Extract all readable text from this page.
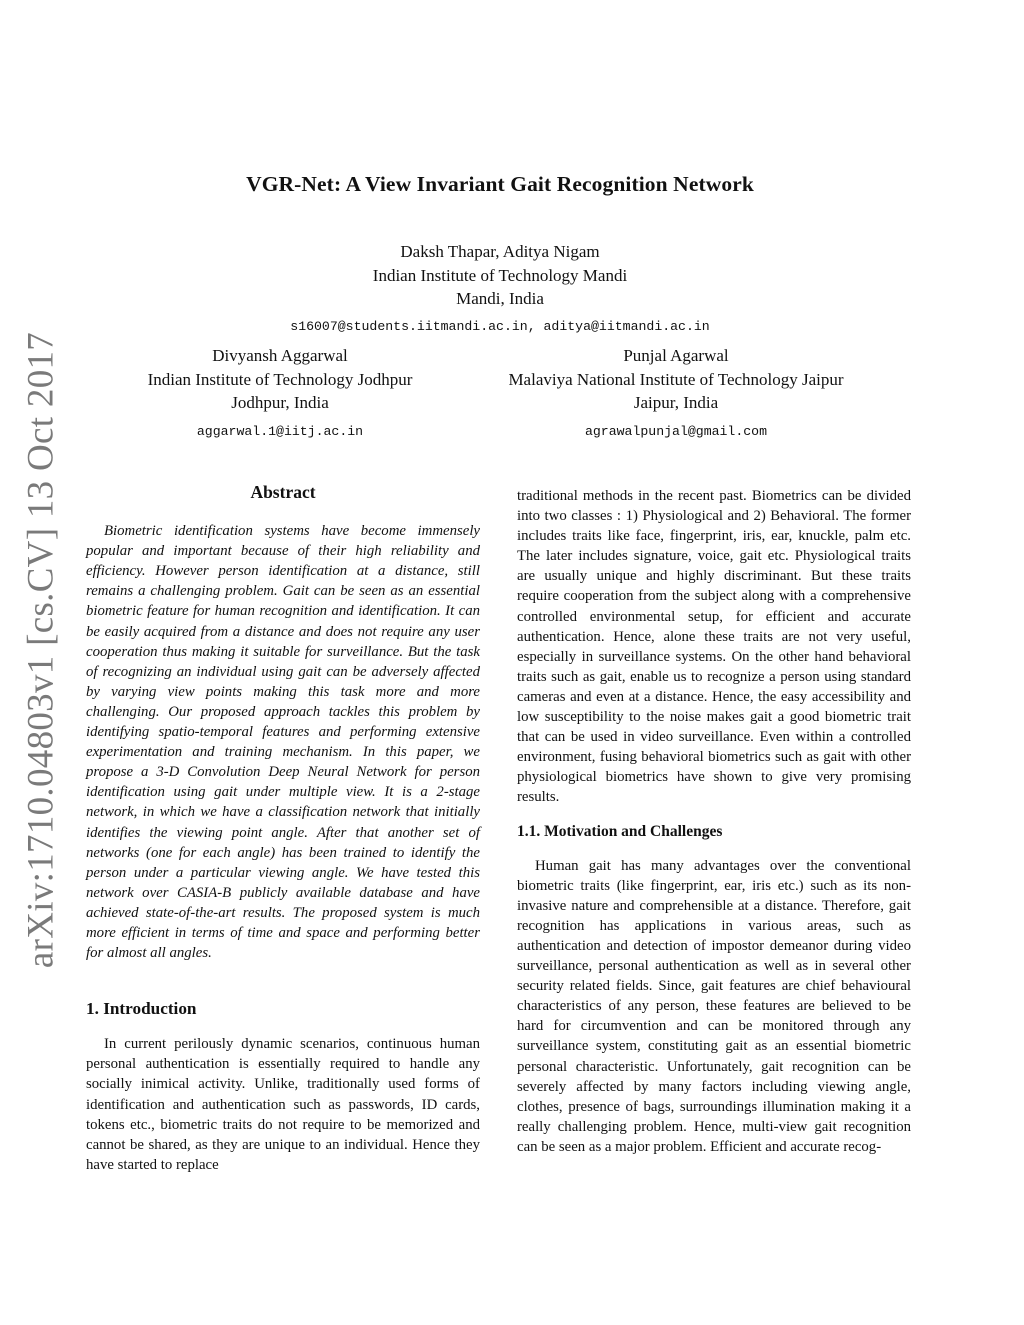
VGR-Net: A View Invariant Gait Recognition Network
Daksh Thapar, Aditya Nigam
Indian Institute of Technology Mandi
Mandi, India
s16007@students.iitmandi.ac.in, aditya@iitmandi.ac.in
Divyansh Aggarwal
Indian Institute of Technology Jodhpur
Jodhpur, India
aggarwal.1@iitj.ac.in
Punjal Agarwal
Malaviya National Institute of Technology Jaipur
Jaipur, India
agrawalpunjal@gmail.com
arXiv:1710.04803v1 [cs.CV] 13 Oct 2017	Abstract

Biometric identification systems have become immensely popular and important because of their high reliability and efficiency. However person identification at a distance, still remains a challenging problem. Gait can be seen as an essential biometric feature for human recognition and identification. It can be easily acquired from a distance and does not require any user cooperation thus making it suitable for surveillance. But the task of recognizing an individual using gait can be adversely affected by varying view points making this task more and more challenging. Our proposed approach tackles this problem by identifying spatio-temporal features and performing extensive experimentation and training mechanism. In this paper, we propose a 3-D Convolution Deep Neural Network for person identification using gait under multiple view. It is a 2-stage network, in which we have a classification network that initially identifies the viewing point angle. After that another set of networks (one for each angle) has been trained to identify the person under a particular viewing angle. We have tested this network over CASIA-B publicly available database and have achieved state-of-the-art results. The proposed system is much more efficient in terms of time and space and performing better for almost all angles.

1. Introduction

In current perilously dynamic scenarios, continuous human personal authentication is essentially required to handle any socially inimical activity. Unlike, traditionally used forms of identification and authentication such as passwords, ID cards, tokens etc., biometric traits do not require to be memorized and cannot be shared, as they are unique to an individual. Hence they have started to replace

traditional methods in the recent past. Biometrics can be divided into two classes : 1) Physiological and 2) Behavioral. The former includes traits like face, fingerprint, iris, ear, knuckle, palm etc. The later includes signature, voice, gait etc. Physiological traits are usually unique and highly discriminant. But these traits require cooperation from the subject along with a comprehensive controlled environmental setup, for efficient and accurate authentication. Hence, alone these traits are not very useful, especially in surveillance systems. On the other hand behavioral traits such as gait, enable us to recognize a person using standard cameras and even at a distance. Hence, the easy accessibility and low susceptibility to the noise makes gait a good biometric trait that can be used in video surveillance. Even within a controlled environment, fusing behavioral biometrics such as gait with other physiological biometrics have shown to give very promising results.

1.1. Motivation and Challenges

Human gait has many advantages over the conventional biometric traits (like fingerprint, ear, iris etc.) such as its non-invasive nature and comprehensible at a distance. Therefore, gait recognition has applications in various areas, such as authentication and detection of impostor demeanor during video surveillance, personal authentication as well as in several other security related fields. Since, gait features are chief behavioural characteristics of any person, these features are believed to be hard for circumvention and can be monitored through any surveillance system, constituting gait as an essential biometric personal characteristic. Unfortunately, gait recognition can be severely affected by many factors including viewing angle, clothes, presence of bags, surroundings illumination making it a really challenging problem. Hence, multi-view gait recognition can be seen as a major problem. Efficient and accurate recog-
